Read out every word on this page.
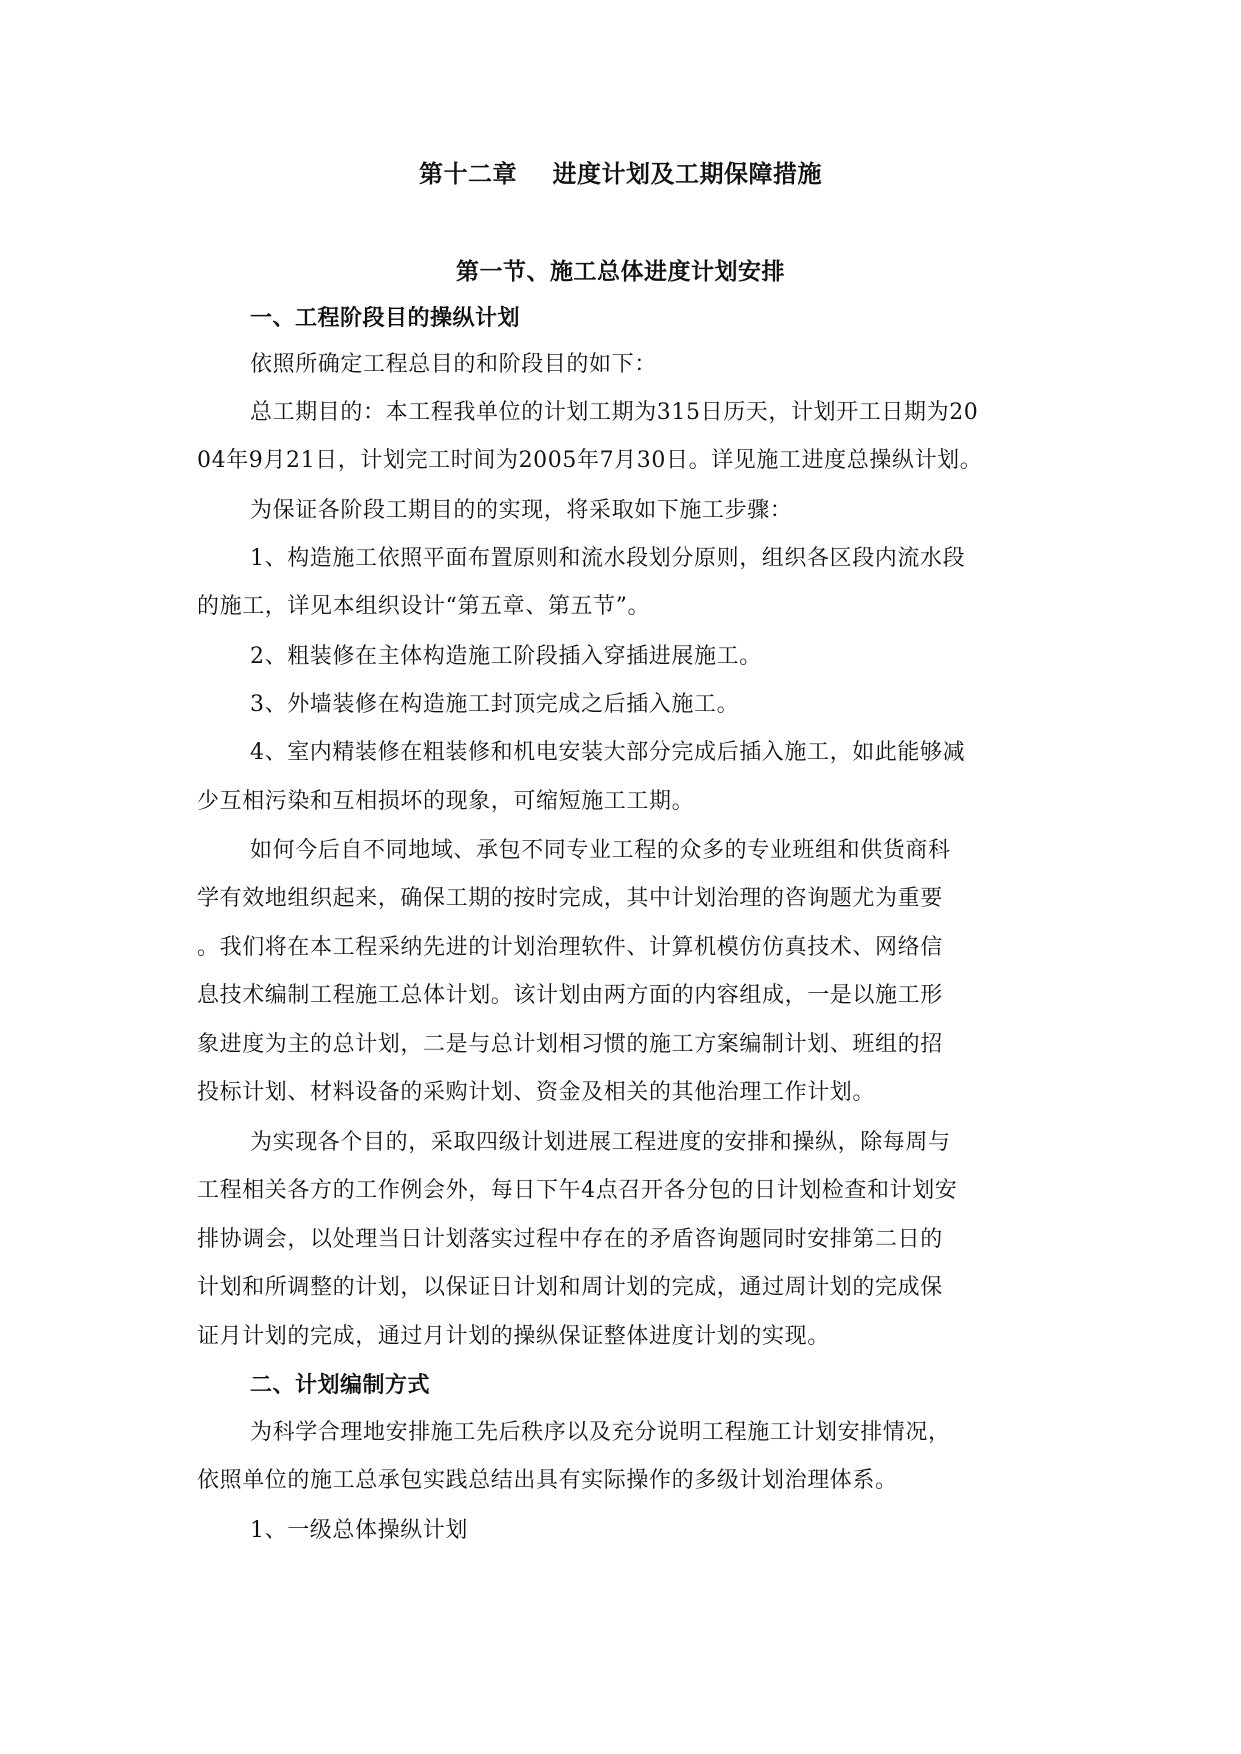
第十二章    进度计划及工期保障措施
第一节、施工总体进度计划安排
一、工程阶段目的操纵计划
依照所确定工程总目的和阶段目的如下：
总工期目的：本工程我单位的计划工期为315日历天，计划开工日期为20
04年9月21日，计划完工时间为2005年7月30日。详见施工进度总操纵计划。
为保证各阶段工期目的的实现，将采取如下施工步骤：
1、构造施工依照平面布置原则和流水段划分原则，组织各区段内流水段
的施工，详见本组织设计“第五章、第五节”。
2、粗装修在主体构造施工阶段插入穿插进展施工。
3、外墙装修在构造施工封顶完成之后插入施工。
4、室内精装修在粗装修和机电安装大部分完成后插入施工，如此能够减
少互相污染和互相损坏的现象，可缩短施工工期。
如何今后自不同地域、承包不同专业工程的众多的专业班组和供货商科
学有效地组织起来，确保工期的按时完成，其中计划治理的咨询题尤为重要
。我们将在本工程采纳先进的计划治理软件、计算机模仿仿真技术、网络信
息技术编制工程施工总体计划。该计划由两方面的内容组成，一是以施工形
象进度为主的总计划，二是与总计划相习惯的施工方案编制计划、班组的招
投标计划、材料设备的采购计划、资金及相关的其他治理工作计划。
为实现各个目的，采取四级计划进展工程进度的安排和操纵，除每周与
工程相关各方的工作例会外，每日下午4点召开各分包的日计划检查和计划安
排协调会，以处理当日计划落实过程中存在的矛盾咨询题同时安排第二日的
计划和所调整的计划，以保证日计划和周计划的完成，通过周计划的完成保
证月计划的完成，通过月计划的操纵保证整体进度计划的实现。
二、计划编制方式
为科学合理地安排施工先后秩序以及充分说明工程施工计划安排情况，
依照单位的施工总承包实践总结出具有实际操作的多级计划治理体系。
1、一级总体操纵计划
